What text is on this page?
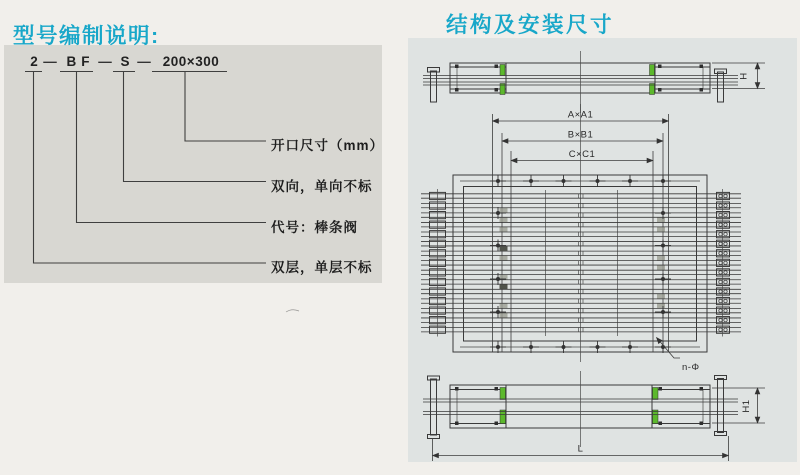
型号编制说明:	结构及安装尺寸
H
A×A1
B×B1
C×C1
n-Φ
H1
L
2 — BF — S — 200×300
开口尺寸（mm）
双向，单向不标
代号：棒条阀
双层，单层不标
